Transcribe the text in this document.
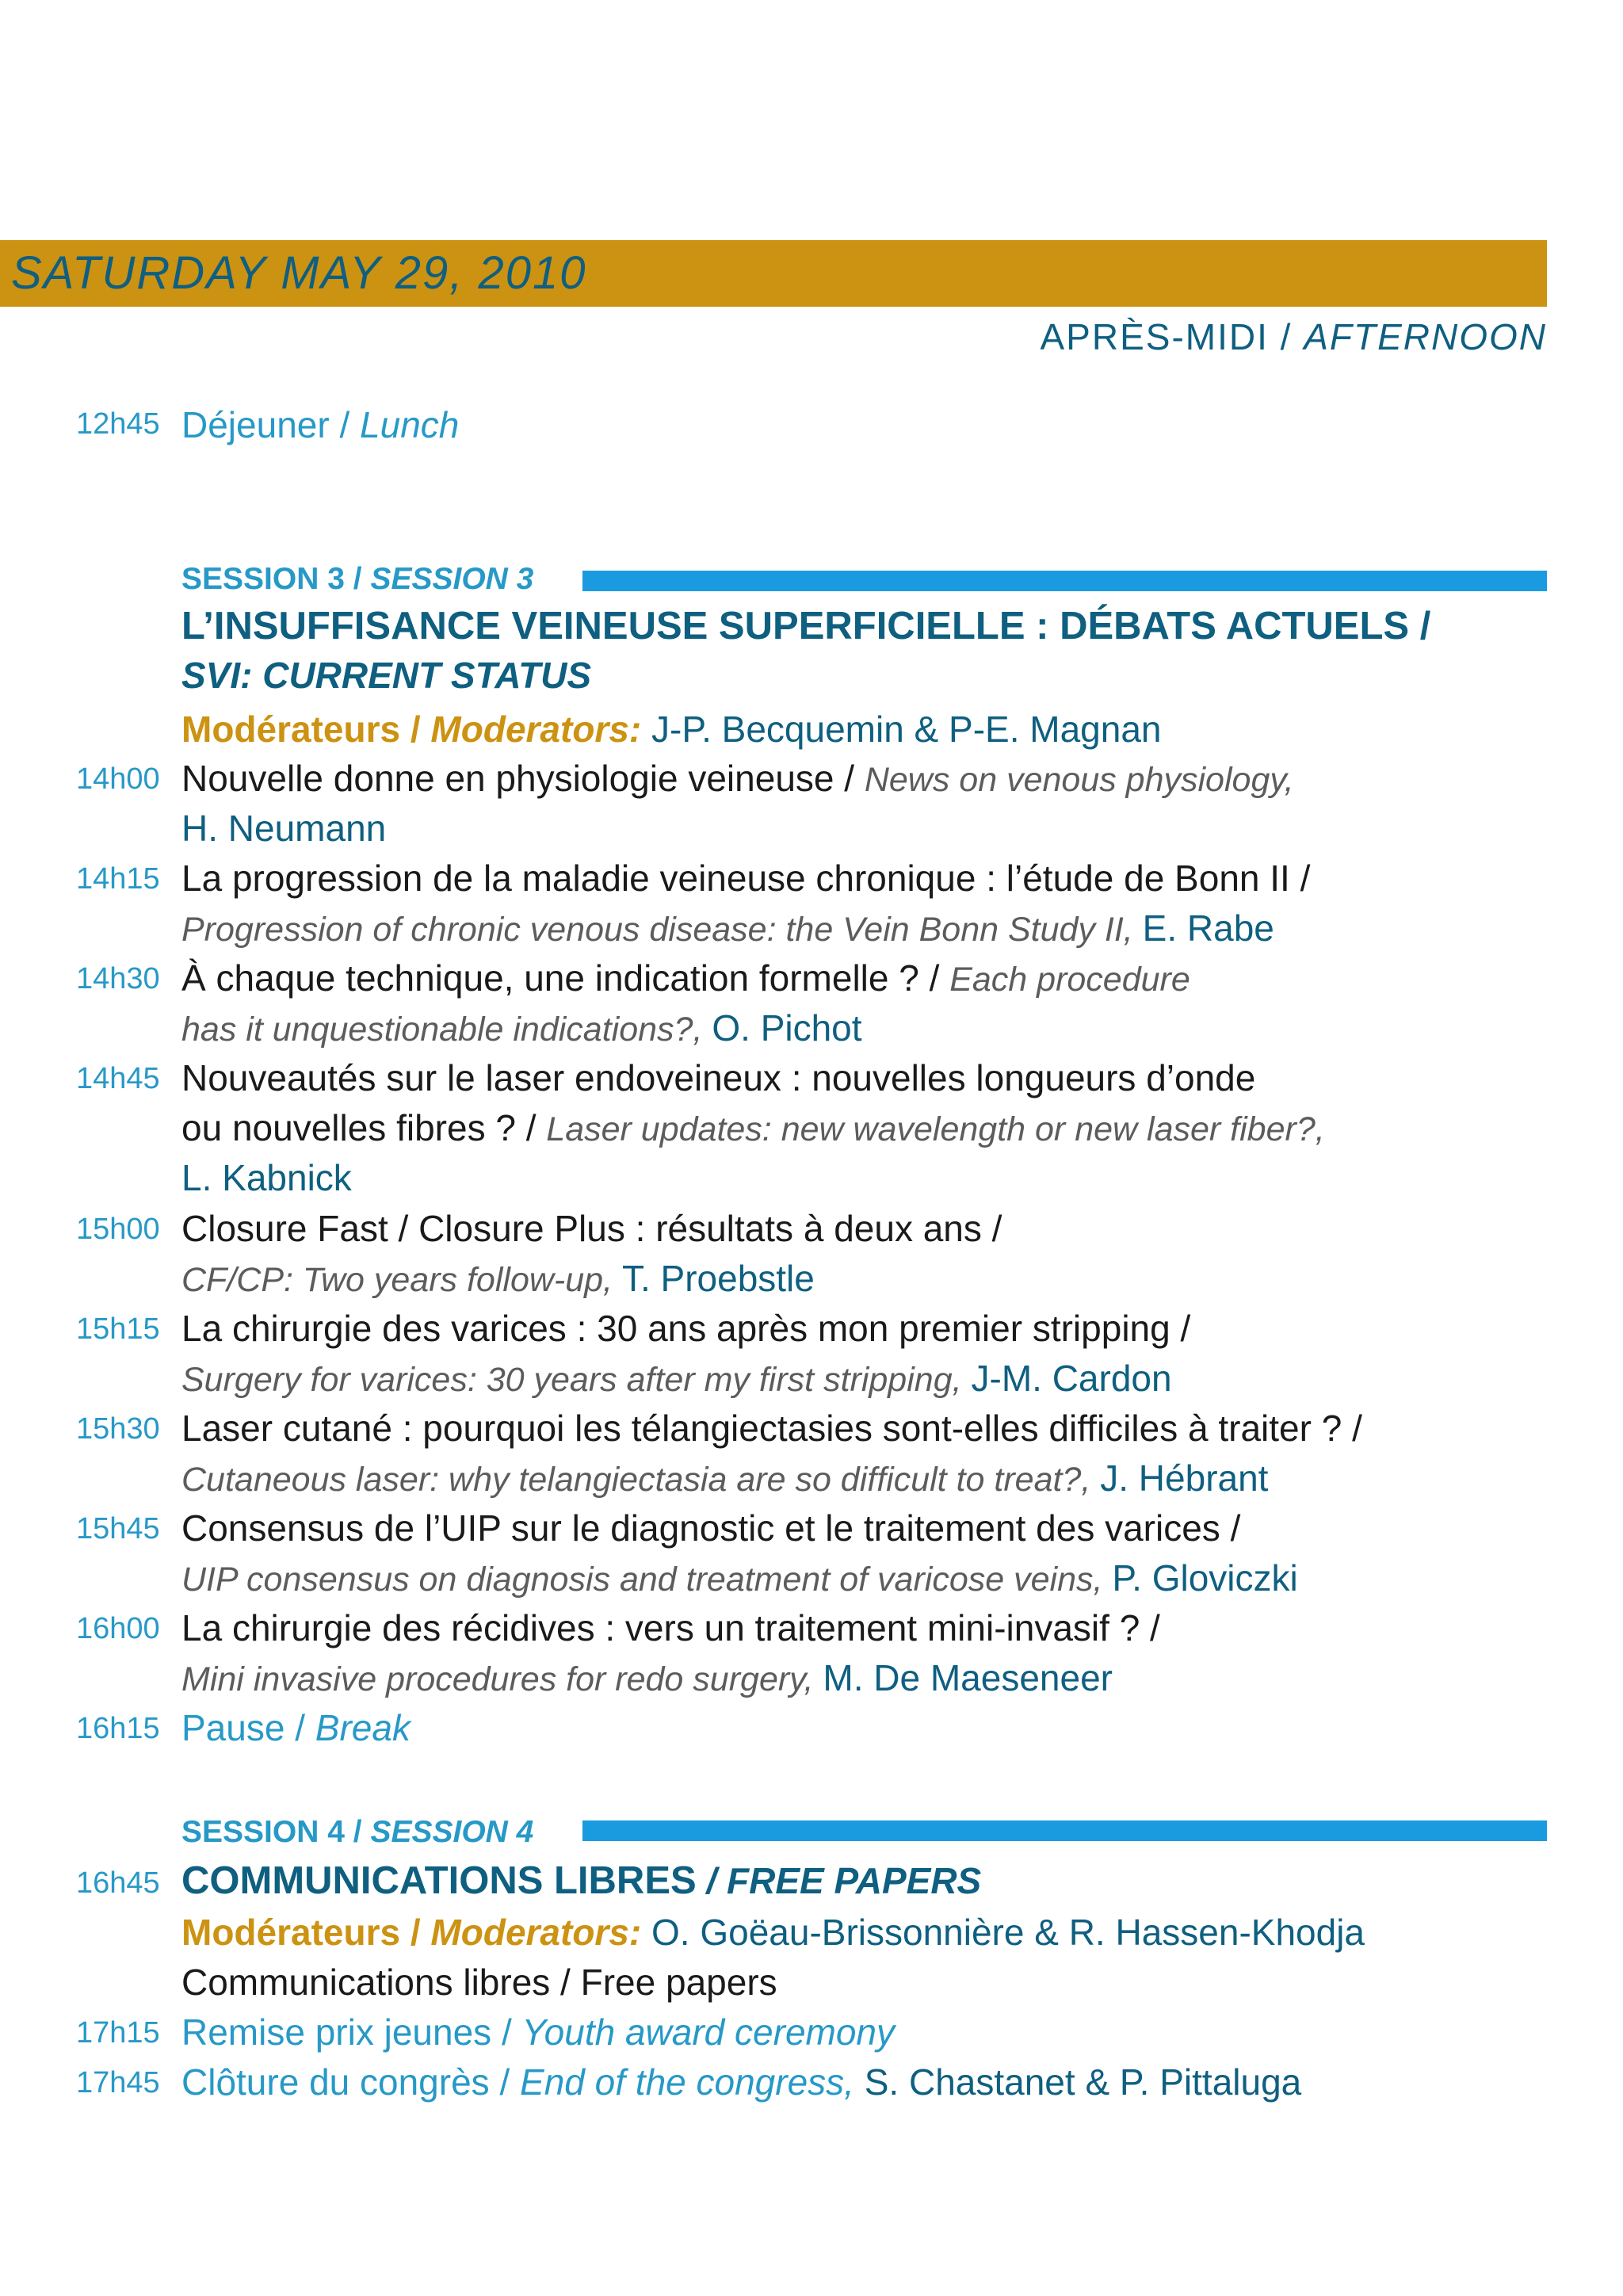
SATURDAY MAY 29, 2010
APRÈS-MIDI / AFTERNOON
12h45 Déjeuner / Lunch
SESSION 3 / SESSION 3
L’INSUFFISANCE VEINEUSE SUPERFICIELLE : DÉBATS ACTUELS /
SVI: CURRENT STATUS
Modérateurs / Moderators: J-P. Becquemin & P-E. Magnan
14h00 Nouvelle donne en physiologie veineuse / News on venous physiology,
H. Neumann
14h15 La progression de la maladie veineuse chronique : l’étude de Bonn II /
Progression of chronic venous disease: the Vein Bonn Study II, E. Rabe
14h30 À chaque technique, une indication formelle ? / Each procedure
has it unquestionable indications?, O. Pichot
14h45 Nouveautés sur le laser endoveineux : nouvelles longueurs d’onde
ou nouvelles fibres ? / Laser updates: new wavelength or new laser fiber?,
L. Kabnick
15h00 Closure Fast / Closure Plus : résultats à deux ans /
CF/CP: Two years follow-up, T. Proebstle
15h15 La chirurgie des varices : 30 ans après mon premier stripping /
Surgery for varices: 30 years after my first stripping, J-M. Cardon
15h30 Laser cutané : pourquoi les télangiectasies sont-elles difficiles à traiter ? /
Cutaneous laser: why telangiectasia are so difficult to treat?, J. Hébrant
15h45 Consensus de l’UIP sur le diagnostic et le traitement des varices /
UIP consensus on diagnosis and treatment of varicose veins, P. Gloviczki
16h00 La chirurgie des récidives : vers un traitement mini-invasif ? /
Mini invasive procedures for redo surgery, M. De Maeseneer
16h15 Pause / Break
SESSION 4 / SESSION 4
16h45 COMMUNICATIONS LIBRES / FREE PAPERS
Modérateurs / Moderators: O. Goëau-Brissonnière & R. Hassen-Khodja
Communications libres / Free papers
17h15 Remise prix jeunes / Youth award ceremony
17h45 Clôture du congrès / End of the congress, S. Chastanet & P. Pittaluga
